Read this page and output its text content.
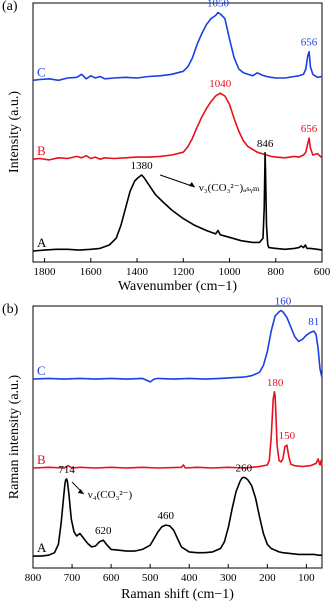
(a)
1800 1600 1400 1200 1000 800	600
Wavenumber (cm−1)
Intensity (a.u.)
C
B
A
1050
656
1040
656
1380
846
ν₃(CO₃²⁻)ₐₛᵧₘ
(b)
800 700 600 500 400 300 200 100
Raman shift (cm−1)
Raman intensity (a.u.)
C
B
A
160
81
180
150
714
620
460
260
ν₄(CO₃²⁻)
